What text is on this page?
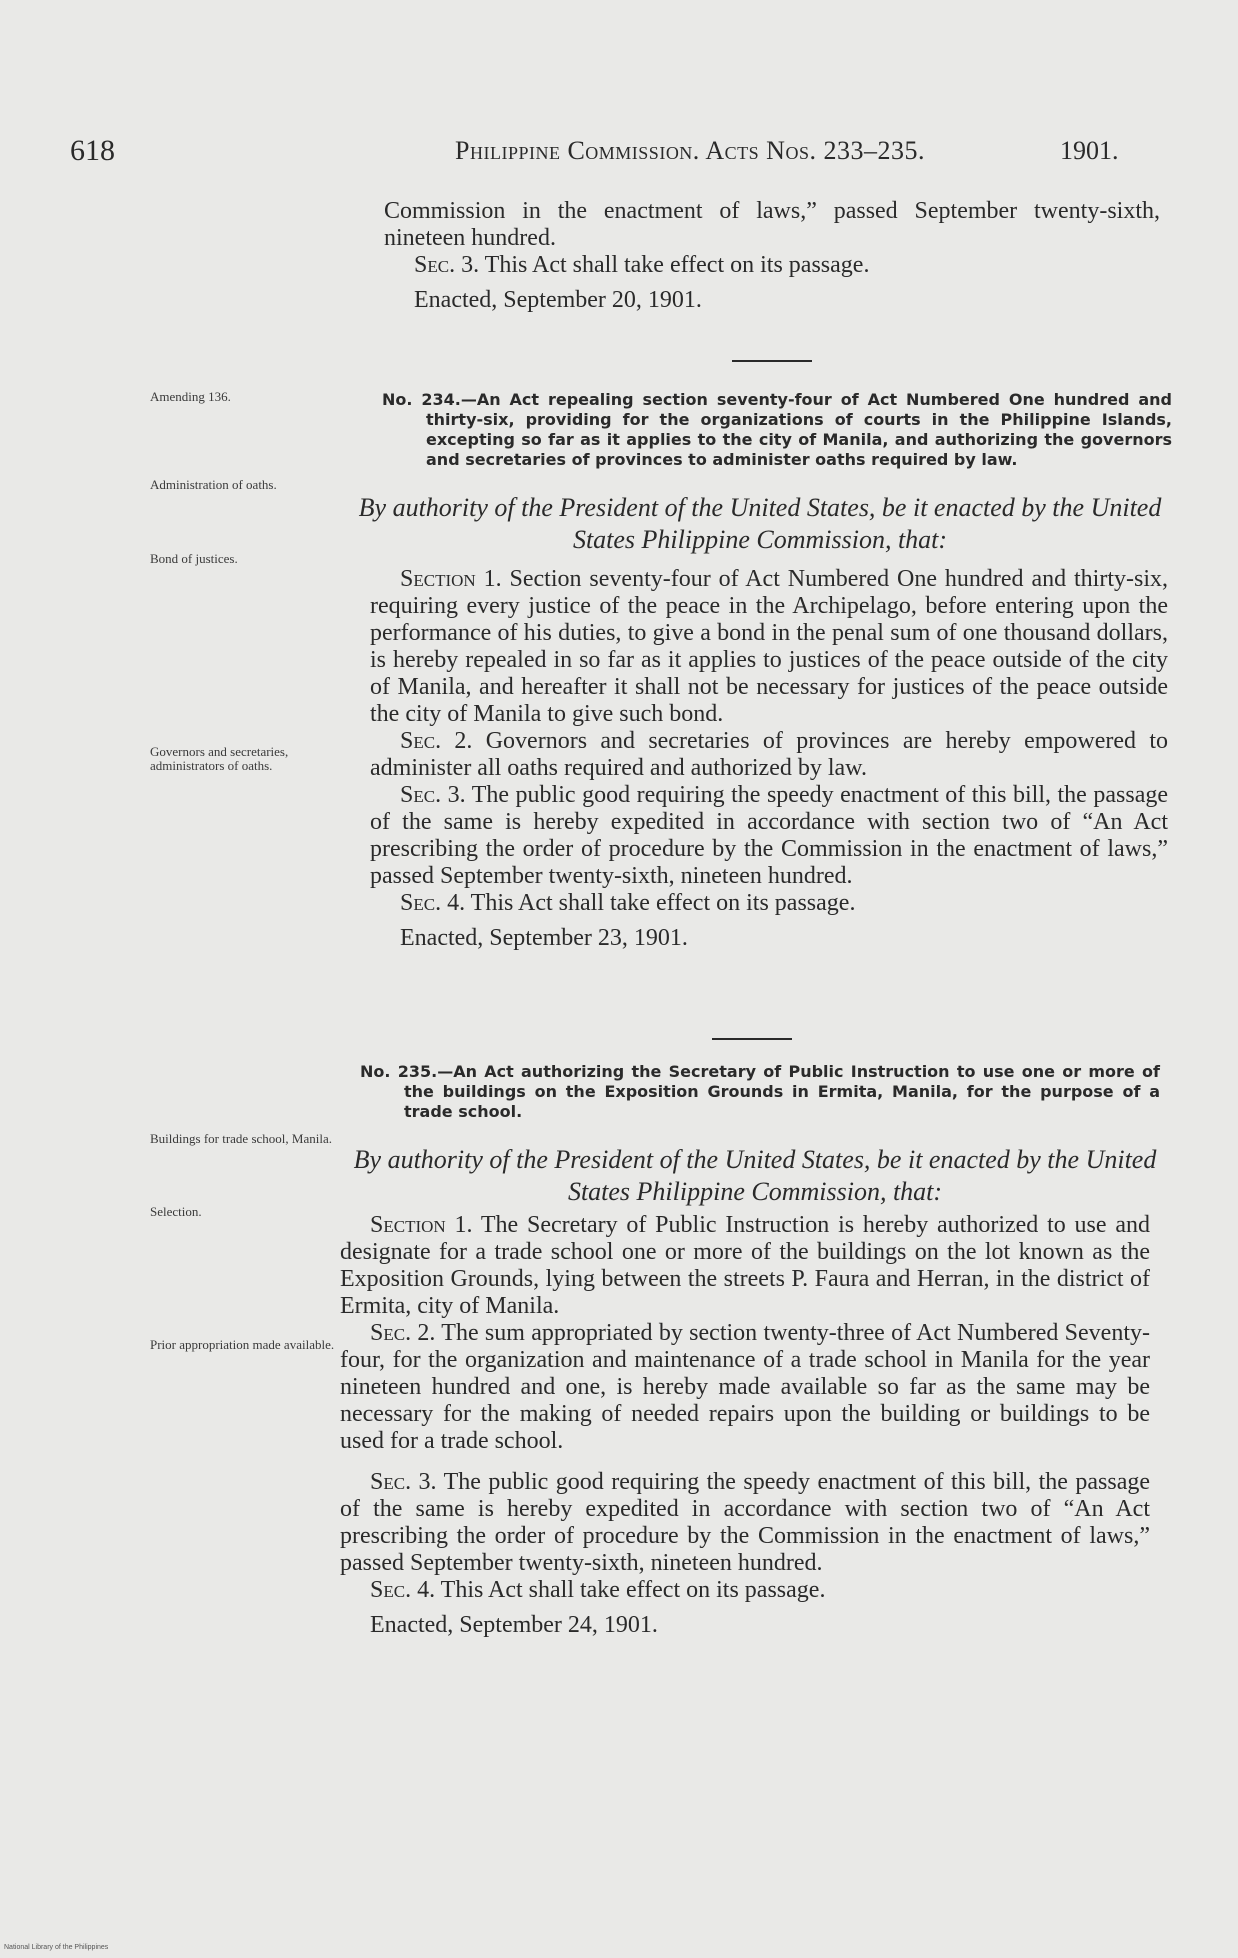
618	Philippine Commission. Acts Nos. 233–235.	1901.

Commission in the enactment of laws,” passed September twenty-sixth, nineteen hundred.

Sec. 3. This Act shall take effect on its passage.

Enacted, September 20, 1901.

Amending 136.	No. 234.—An Act repealing section seventy-four of Act Numbered One hundred and thirty-six, providing for the organizations of courts in the Philippine Islands, excepting so far as it applies to the city of Manila, and authorizing the governors and secretaries of provinces to administer oaths required by law.
Administration of oaths.
By authority of the President of the United States, be it enacted by the United States Philippine Commission, that:
Bond of justices.
Governors and secretaries, administrators of oaths.

Section 1. Section seventy-four of Act Numbered One hundred and thirty-six, requiring every justice of the peace in the Archipelago, before entering upon the performance of his duties, to give a bond in the penal sum of one thousand dollars, is hereby repealed in so far as it applies to justices of the peace outside of the city of Manila, and hereafter it shall not be necessary for justices of the peace outside the city of Manila to give such bond.

Sec. 2. Governors and secretaries of provinces are hereby empowered to administer all oaths required and authorized by law.

Sec. 3. The public good requiring the speedy enactment of this bill, the passage of the same is hereby expedited in accordance with section two of “An Act prescribing the order of procedure by the Commission in the enactment of laws,” passed September twenty-sixth, nineteen hundred.

Sec. 4. This Act shall take effect on its passage.

Enacted, September 23, 1901.

No. 235.—An Act authorizing the Secretary of Public Instruction to use one or more of the buildings on the Exposition Grounds in Ermita, Manila, for the purpose of a trade school.
Buildings for trade school, Manila.
By authority of the President of the United States, be it enacted by the United States Philippine Commission, that:
Selection.
Prior appropriation made available.

Section 1. The Secretary of Public Instruction is hereby authorized to use and designate for a trade school one or more of the buildings on the lot known as the Exposition Grounds, lying between the streets P. Faura and Herran, in the district of Ermita, city of Manila.

Sec. 2. The sum appropriated by section twenty-three of Act Numbered Seventy-four, for the organization and maintenance of a trade school in Manila for the year nineteen hundred and one, is hereby made available so far as the same may be necessary for the making of needed repairs upon the building or buildings to be used for a trade school.

Sec. 3. The public good requiring the speedy enactment of this bill, the passage of the same is hereby expedited in accordance with section two of “An Act prescribing the order of procedure by the Commission in the enactment of laws,” passed September twenty-sixth, nineteen hundred.

Sec. 4. This Act shall take effect on its passage.

Enacted, September 24, 1901.

National Library of the Philippines
